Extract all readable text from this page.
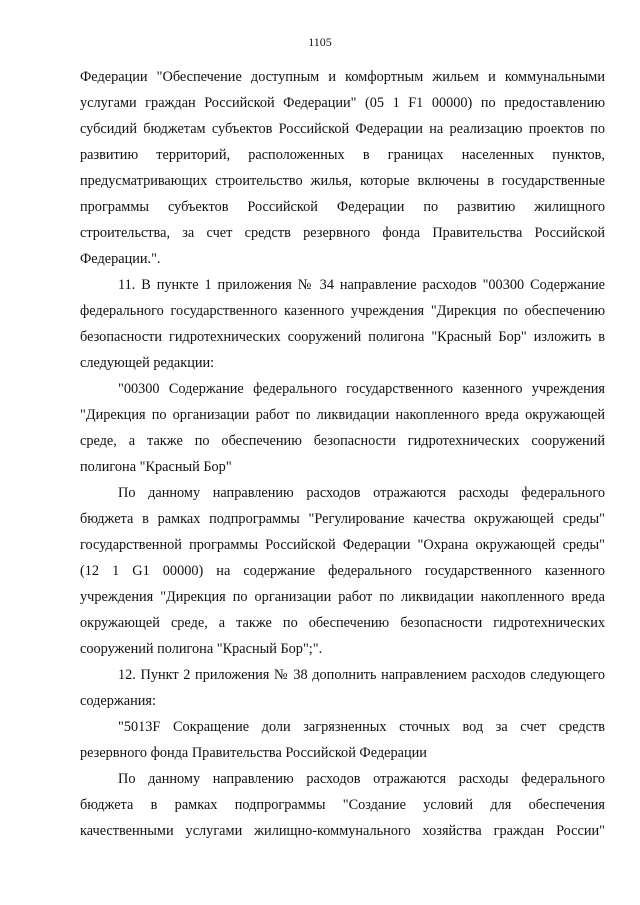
1105
Федерации "Обеспечение доступным и комфортным жильем и коммунальными
услугами граждан Российской Федерации" (05 1 F1 00000) по предоставлению
субсидий бюджетам субъектов Российской Федерации на реализацию проектов по
развитию территорий, расположенных в границах населенных пунктов,
предусматривающих строительство жилья, которые включены в государственные
программы субъектов Российской Федерации по развитию жилищного
строительства, за счет средств резервного фонда Правительства Российской
Федерации.".
11. В пункте 1 приложения № 34 направление расходов "00300 Содержание
федерального государственного казенного учреждения "Дирекция по обеспечению
безопасности гидротехнических сооружений полигона "Красный Бор" изложить в
следующей редакции:
"00300 Содержание федерального государственного казенного учреждения
"Дирекция по организации работ по ликвидации накопленного вреда окружающей
среде, а также по обеспечению безопасности гидротехнических сооружений
полигона "Красный Бор"
По данному направлению расходов отражаются расходы федерального
бюджета в рамках подпрограммы "Регулирование качества окружающей среды"
государственной программы Российской Федерации "Охрана окружающей среды"
(12 1 G1 00000) на содержание федерального государственного казенного
учреждения "Дирекция по организации работ по ликвидации накопленного вреда
окружающей среде, а также по обеспечению безопасности гидротехнических
сооружений полигона "Красный Бор";".
12. Пункт 2 приложения № 38 дополнить направлением расходов следующего
содержания:
"5013F Сокращение доли загрязненных сточных вод за счет средств
резервного фонда Правительства Российской Федерации
По данному направлению расходов отражаются расходы федерального
бюджета в рамках подпрограммы "Создание условий для обеспечения
качественными услугами жилищно-коммунального хозяйства граждан России"
